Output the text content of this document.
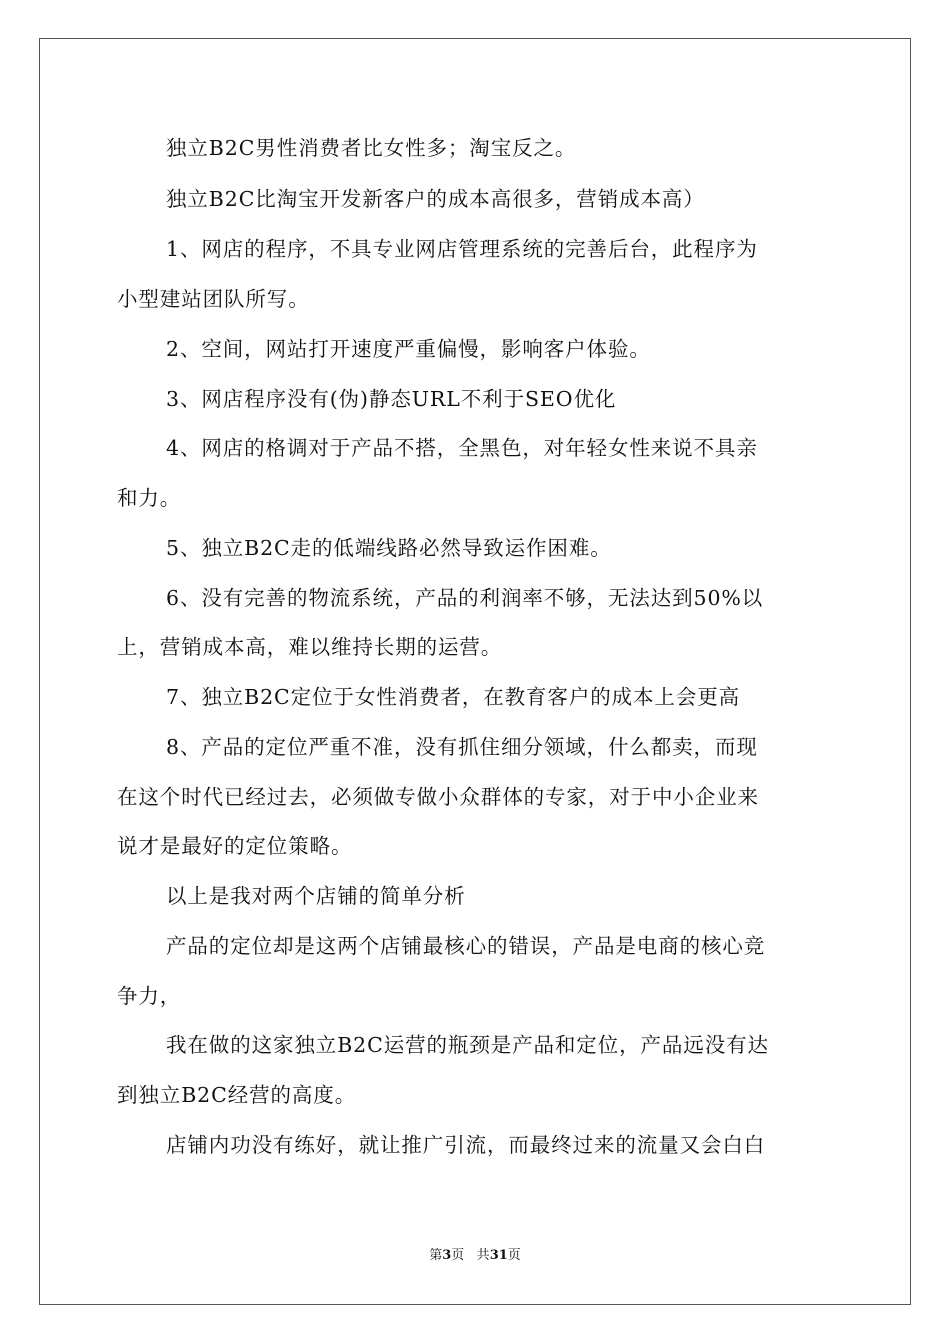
独立B2C男性消费者比女性多；淘宝反之。
独立B2C比淘宝开发新客户的成本高很多，营销成本高）
1、网店的程序，不具专业网店管理系统的完善后台，此程序为
小型建站团队所写。
2、空间，网站打开速度严重偏慢，影响客户体验。
3、网店程序没有(伪)静态URL不利于SEO优化
4、网店的格调对于产品不搭，全黑色，对年轻女性来说不具亲
和力。
5、独立B2C走的低端线路必然导致运作困难。
6、没有完善的物流系统，产品的利润率不够，无法达到50%以
上，营销成本高，难以维持长期的运营。
7、独立B2C定位于女性消费者，在教育客户的成本上会更高
8、产品的定位严重不准，没有抓住细分领域，什么都卖，而现
在这个时代已经过去，必须做专做小众群体的专家，对于中小企业来
说才是最好的定位策略。
以上是我对两个店铺的简单分析
产品的定位却是这两个店铺最核心的错误，产品是电商的核心竞
争力，
我在做的这家独立B2C运营的瓶颈是产品和定位，产品远没有达
到独立B2C经营的高度。
店铺内功没有练好，就让推广引流，而最终过来的流量又会白白
第3页 共31页
